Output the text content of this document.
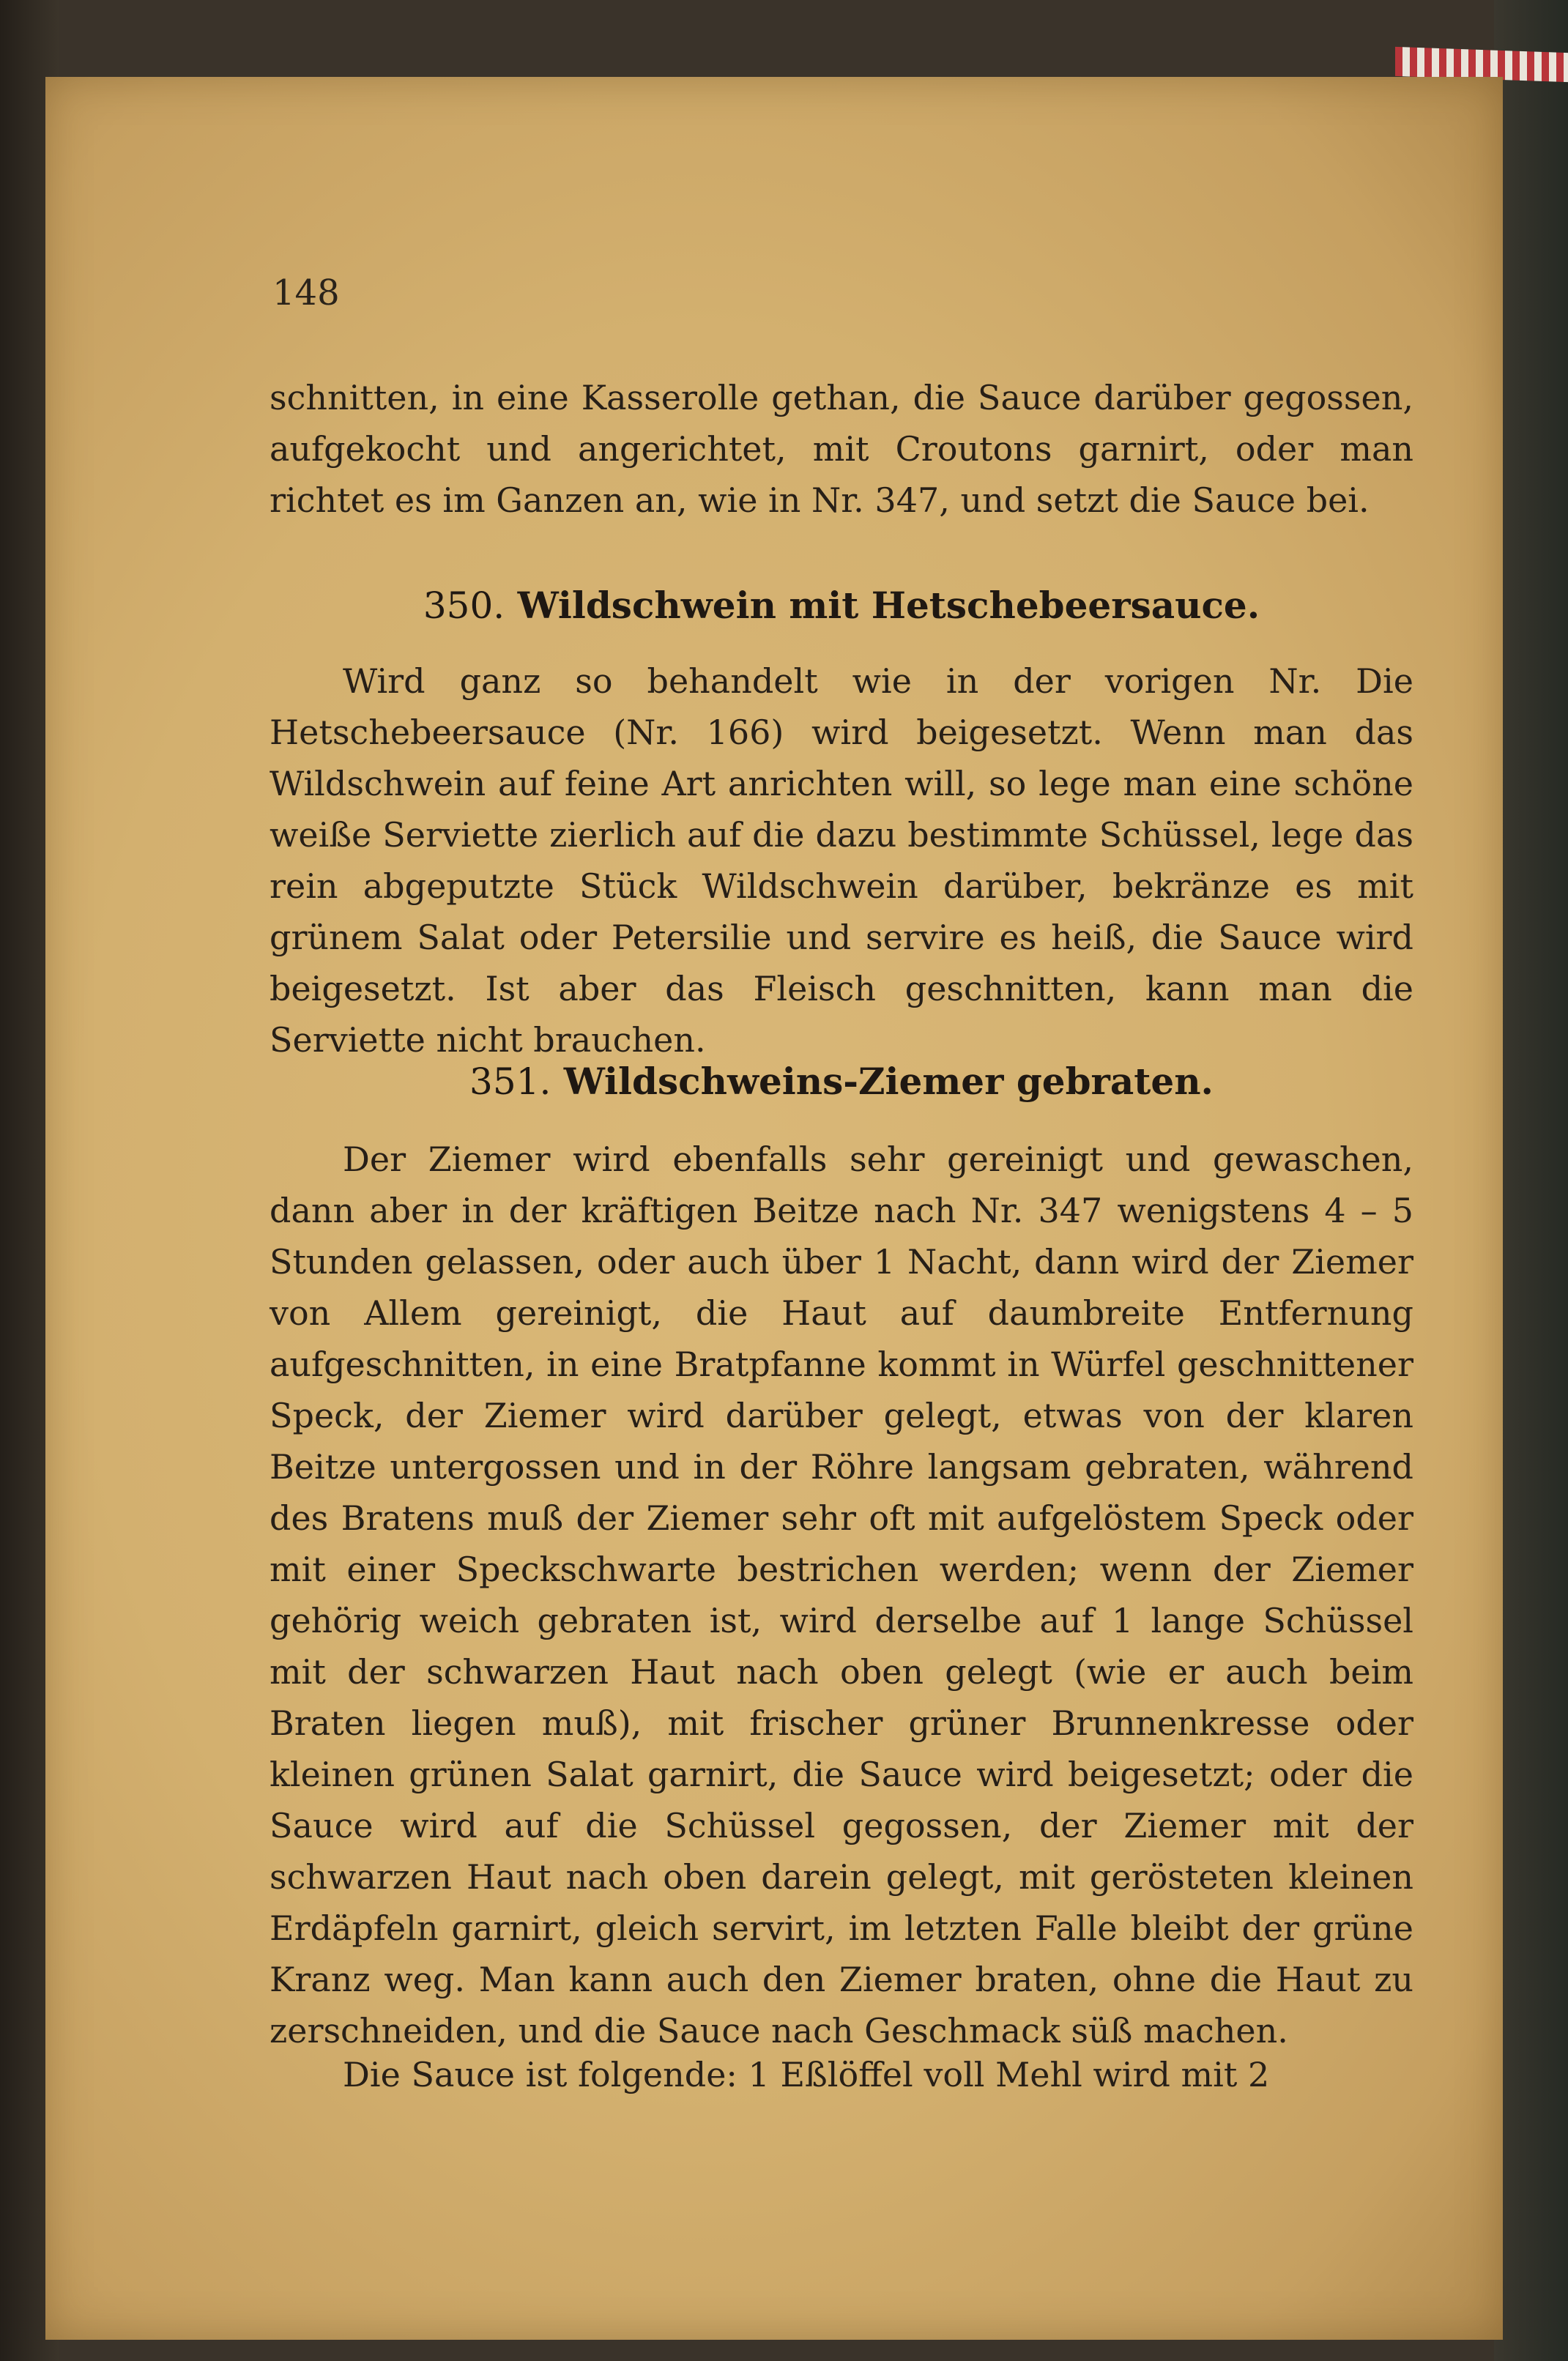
148

schnitten, in eine Kasserolle gethan, die Sauce darüber gegossen, aufgekocht und angerichtet, mit Croutons garnirt, oder man richtet es im Ganzen an, wie in Nr. 347, und setzt die Sauce bei.

350. Wildschwein mit Hetschebeersauce.

Wird ganz so behandelt wie in der vorigen Nr. Die Hetschebeersauce (Nr. 166) wird beigesetzt. Wenn man das Wildschwein auf feine Art anrichten will, so lege man eine schöne weiße Serviette zierlich auf die dazu bestimmte Schüssel, lege das rein abgeputzte Stück Wildschwein darüber, bekränze es mit grünem Salat oder Petersilie und servire es heiß, die Sauce wird beigesetzt. Ist aber das Fleisch geschnitten, kann man die Serviette nicht brauchen.

351. Wildschweins-Ziemer gebraten.

Der Ziemer wird ebenfalls sehr gereinigt und gewaschen, dann aber in der kräftigen Beitze nach Nr. 347 wenigstens 4 – 5 Stunden gelassen, oder auch über 1 Nacht, dann wird der Ziemer von Allem gereinigt, die Haut auf daumbreite Entfernung aufgeschnitten, in eine Bratpfanne kommt in Würfel geschnittener Speck, der Ziemer wird darüber gelegt, etwas von der klaren Beitze untergossen und in der Röhre langsam gebraten, während des Bratens muß der Ziemer sehr oft mit aufgelöstem Speck oder mit einer Speckschwarte bestrichen werden; wenn der Ziemer gehörig weich gebraten ist, wird derselbe auf 1 lange Schüssel mit der schwarzen Haut nach oben gelegt (wie er auch beim Braten liegen muß), mit frischer grüner Brunnenkresse oder kleinen grünen Salat garnirt, die Sauce wird beigesetzt; oder die Sauce wird auf die Schüssel gegossen, der Ziemer mit der schwarzen Haut nach oben darein gelegt, mit gerösteten kleinen Erdäpfeln garnirt, gleich servirt, im letzten Falle bleibt der grüne Kranz weg. Man kann auch den Ziemer braten, ohne die Haut zu zerschneiden, und die Sauce nach Geschmack süß machen.

Die Sauce ist folgende: 1 Eßlöffel voll Mehl wird mit 2
